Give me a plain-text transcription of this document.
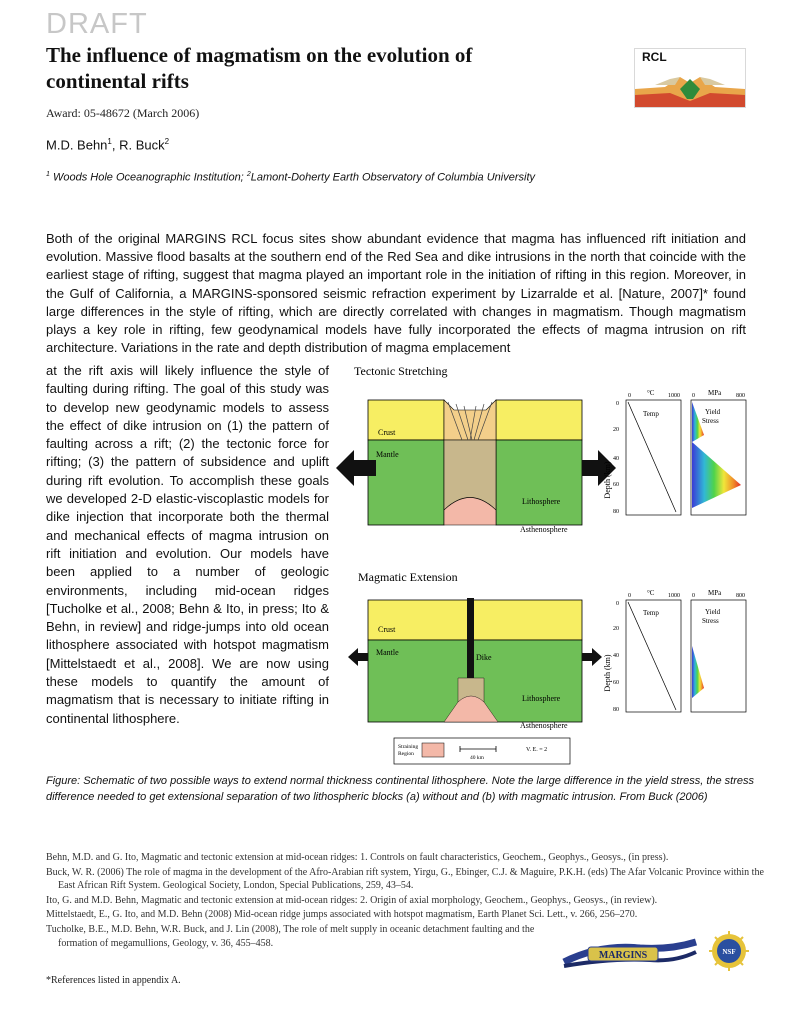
DRAFT
The influence of magmatism on the evolution of continental rifts
Award: 05-48672 (March 2006)
M.D. Behn$^1$, R. Buck$^2$
$^1$ Woods Hole Oceanographic Institution; $^2$Lamont-Doherty Earth Observatory of Columbia University
RCL
Both of the original MARGINS RCL focus sites show abundant evidence that magma has influenced rift initiation and evolution. Massive flood basalts at the southern end of the Red Sea and dike intrusions in the north that coincide with the earliest stage of rifting, suggest that magma played an important role in the initiation of rifting in this region. Moreover, in the Gulf of California, a MARGINS-sponsored seismic refraction experiment by Lizarralde et al. [Nature, 2007]* found large differences in the style of rifting, which are directly correlated with changes in magmatism. Though magmatism plays a key role in rifting, few geodynamical models have fully incorporated the effects of magma intrusion on rift architecture. Variations in the rate and depth distribution of magma emplacement
at the rift axis will likely influence the style of faulting during rifting. The goal of this study was to develop new geodynamic models to assess the effect of dike intrusion on (1) the pattern of faulting across a rift; (2) the tectonic force for rifting; (3) the pattern of subsidence and uplift during rift evolution. To accomplish these goals we developed 2-D elastic-viscoplastic models for dike injection that incorporate both the thermal and mechanical effects of magma intrusion on rift initiation and evolution. Our models have been applied to a number of geologic environments, including mid-ocean ridges [Tucholke et al., 2008; Behn & Ito, in press; Ito & Behn, in review] and ridge-jumps into old ocean lithosphere associated with hotspot magmatism [Mittelstaedt et al., 2008]. We are now using these models to quantify the amount of magmatism that is necessary to initiate rifting in continental lithosphere.
Tectonic Stretching
Crust
Mantle
Lithosphere
Asthenosphere
Depth (km)
0
20
40
60
80
0 °C 1000
Temp
0 MPa 800
Yield
Stress
Magmatic Extension
Crust
Mantle
Dike
Lithosphere
Asthenosphere
Depth (km)
0
20
40
60
80
0 °C 1000
Temp
0 MPa 800
Yield
Stress
Straining
Region
40 km
V. E. = 2
Figure: Schematic of two possible ways to extend normal thickness continental lithosphere. Note the large difference in the yield stress, the stress difference needed to get extensional separation of two lithospheric blocks (a) without and (b) with magmatic intrusion. From Buck (2006)

Behn, M.D. and G. Ito, Magmatic and tectonic extension at mid-ocean ridges: 1. Controls on fault characteristics, Geochem., Geophys., Geosys., (in press).

Buck, W. R. (2006) The role of magma in the development of the Afro-Arabian rift system, Yirgu, G., Ebinger, C.J. & Maguire, P.K.H. (eds) The Afar Volcanic Province within the East African Rift System. Geological Society, London, Special Publications, 259, 43–54.

Ito, G. and M.D. Behn, Magmatic and tectonic extension at mid-ocean ridges: 2. Origin of axial morphology, Geochem., Geophys., Geosys., (in review).

Mittelstaedt, E., G. Ito, and M.D. Behn (2008) Mid-ocean ridge jumps associated with hotspot magmatism, Earth Planet Sci. Lett., v. 266, 256–270.

Tucholke, B.E., M.D. Behn, W.R. Buck, and J. Lin (2008), The role of melt supply in oceanic detachment faulting and the formation of megamullions, Geology, v. 36, 455–458.

*References listed in appendix A.
MARGINS	NSF
